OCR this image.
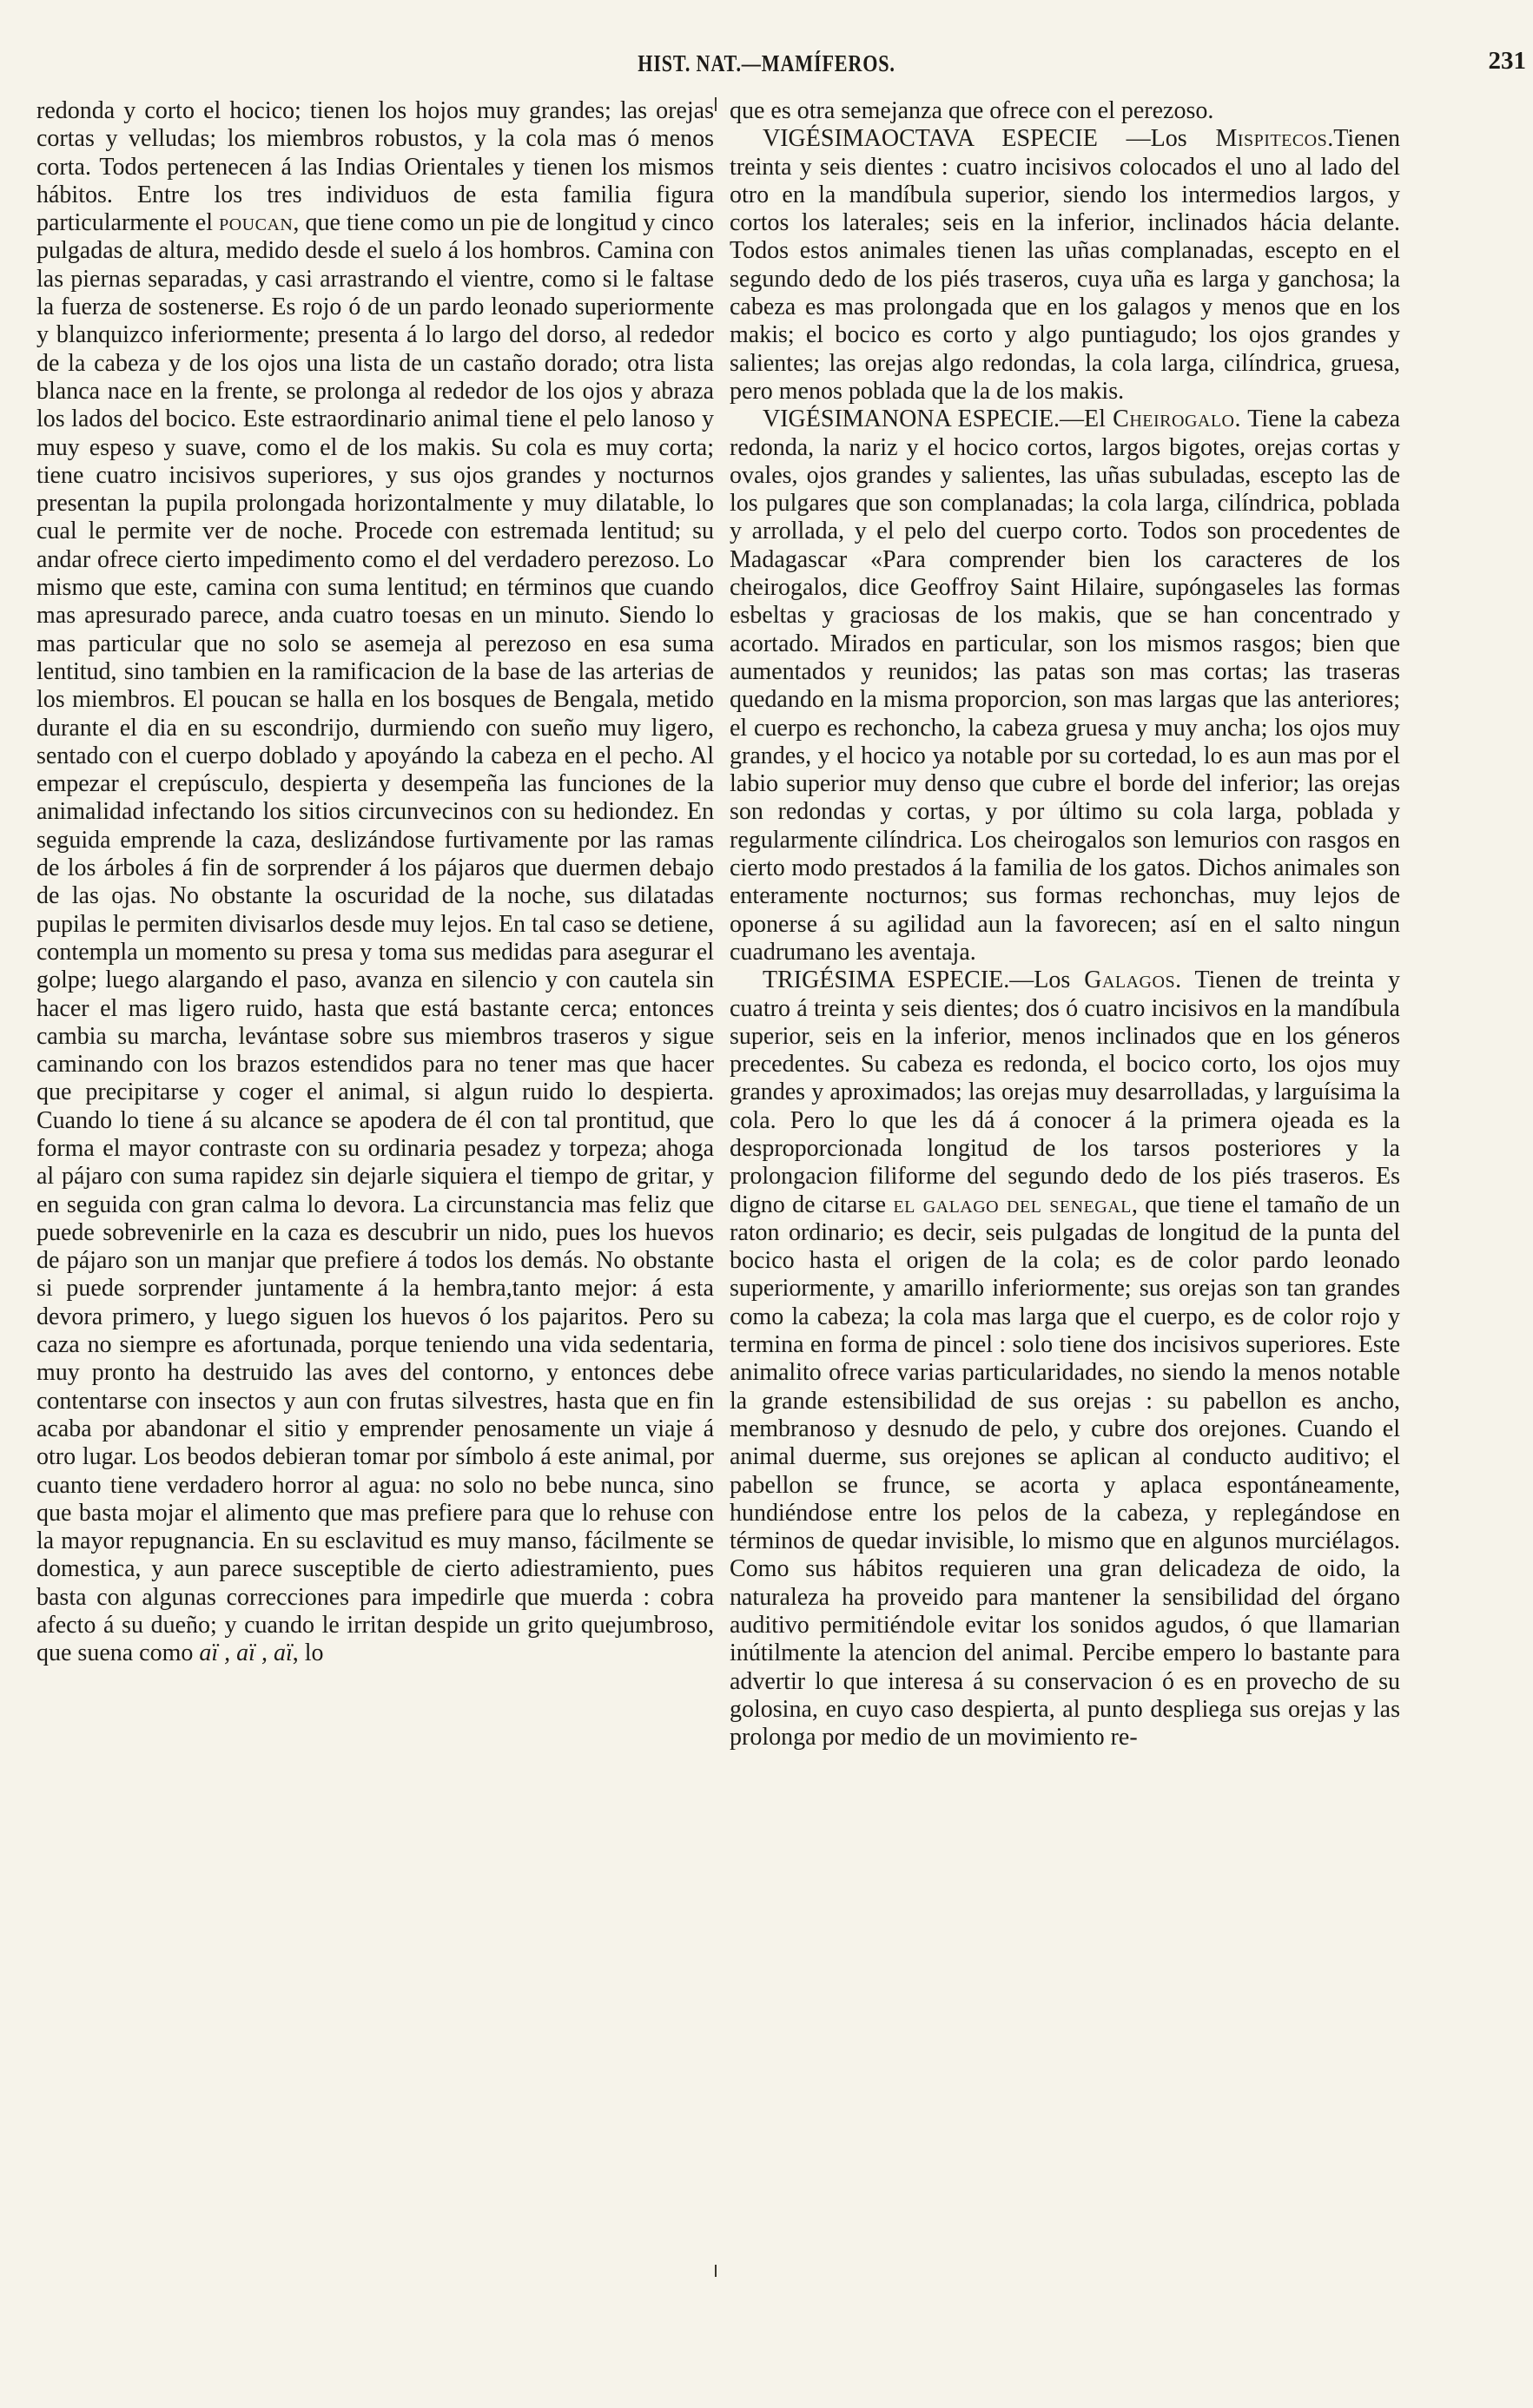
HIST. NAT.—MAMÍFEROS.	231

redonda y corto el hocico; tienen los hojos muy grandes; las orejas cortas y velludas; los miembros robustos, y la cola mas ó menos corta. Todos pertenecen á las Indias Orientales y tienen los mismos hábitos. Entre los tres individuos de esta familia figura particularmente el poucan, que tiene como un pie de longitud y cinco pulgadas de altura, medido desde el suelo á los hombros. Camina con las piernas separadas, y casi arrastrando el vientre, como si le faltase la fuerza de sostenerse. Es rojo ó de un pardo leonado superiormente y blanquizco inferiormente; presenta á lo largo del dorso, al rededor de la cabeza y de los ojos una lista de un castaño dorado; otra lista blanca nace en la frente, se prolonga al rededor de los ojos y abraza los lados del bocico. Este estraordinario animal tiene el pelo lanoso y muy espeso y suave, como el de los makis. Su cola es muy corta; tiene cuatro incisivos superiores, y sus ojos grandes y nocturnos presentan la pupila prolongada horizontalmente y muy dilatable, lo cual le permite ver de noche. Procede con estremada lentitud; su andar ofrece cierto impedimento como el del verdadero perezoso. Lo mismo que este, camina con suma lentitud; en términos que cuando mas apresurado parece, anda cuatro toesas en un minuto. Siendo lo mas particular que no solo se asemeja al perezoso en esa suma lentitud, sino tambien en la ramificacion de la base de las arterias de los miembros. El poucan se halla en los bosques de Bengala, metido durante el dia en su escondrijo, durmiendo con sueño muy ligero, sentado con el cuerpo doblado y apoyándo la cabeza en el pecho. Al empezar el crepúsculo, despierta y desempeña las funciones de la animalidad infectando los sitios circunvecinos con su hediondez. En seguida emprende la caza, deslizándose furtivamente por las ramas de los árboles á fin de sorprender á los pájaros que duermen debajo de las ojas. No obstante la oscuridad de la noche, sus dilatadas pupilas le permiten divisarlos desde muy lejos. En tal caso se detiene, contempla un momento su presa y toma sus medidas para asegurar el golpe; luego alargando el paso, avanza en silencio y con cautela sin hacer el mas ligero ruido, hasta que está bastante cerca; entonces cambia su marcha, levántase sobre sus miembros traseros y sigue caminando con los brazos estendidos para no tener mas que hacer que precipitarse y coger el animal, si algun ruido lo despierta. Cuando lo tiene á su alcance se apodera de él con tal prontitud, que forma el mayor contraste con su ordinaria pesadez y torpeza; ahoga al pájaro con suma rapidez sin dejarle siquiera el tiempo de gritar, y en seguida con gran calma lo devora. La circunstancia mas feliz que puede sobrevenirle en la caza es descubrir un nido, pues los huevos de pájaro son un manjar que prefiere á todos los demás. No obstante si puede sorprender juntamente á la hembra,tanto mejor: á esta devora primero, y luego siguen los huevos ó los pajaritos. Pero su caza no siempre es afortunada, porque teniendo una vida sedentaria, muy pronto ha destruido las aves del contorno, y entonces debe contentarse con insectos y aun con frutas silvestres, hasta que en fin acaba por abandonar el sitio y emprender penosamente un viaje á otro lugar. Los beodos debieran tomar por símbolo á este animal, por cuanto tiene verdadero horror al agua: no solo no bebe nunca, sino que basta mojar el alimento que mas prefiere para que lo rehuse con la mayor repugnancia. En su esclavitud es muy manso, fácilmente se domestica, y aun parece susceptible de cierto adiestramiento, pues basta con algunas correcciones para impedirle que muerda : cobra afecto á su dueño; y cuando le irritan despide un grito quejumbroso, que suena como aï , aï , aï, lo

que es otra semejanza que ofrece con el perezoso.

VIGÉSIMAOCTAVA ESPECIE —Los Mispitecos.Tienen treinta y seis dientes : cuatro incisivos colocados el uno al lado del otro en la mandíbula superior, siendo los intermedios largos, y cortos los laterales; seis en la inferior, inclinados hácia delante. Todos estos animales tienen las uñas complanadas, escepto en el segundo dedo de los piés traseros, cuya uña es larga y ganchosa; la cabeza es mas prolongada que en los galagos y menos que en los makis; el bocico es corto y algo puntiagudo; los ojos grandes y salientes; las orejas algo redondas, la cola larga, cilíndrica, gruesa, pero menos poblada que la de los makis.

VIGÉSIMANONA ESPECIE.—El Cheirogalo. Tiene la cabeza redonda, la nariz y el hocico cortos, largos bigotes, orejas cortas y ovales, ojos grandes y salientes, las uñas subuladas, escepto las de los pulgares que son complanadas; la cola larga, cilíndrica, poblada y arrollada, y el pelo del cuerpo corto. Todos son procedentes de Madagascar «Para comprender bien los caracteres de los cheirogalos, dice Geoffroy Saint Hilaire, supóngaseles las formas esbeltas y graciosas de los makis, que se han concentrado y acortado. Mirados en particular, son los mismos rasgos; bien que aumentados y reunidos; las patas son mas cortas; las traseras quedando en la misma proporcion, son mas largas que las anteriores; el cuerpo es rechoncho, la cabeza gruesa y muy ancha; los ojos muy grandes, y el hocico ya notable por su cortedad, lo es aun mas por el labio superior muy denso que cubre el borde del inferior; las orejas son redondas y cortas, y por último su cola larga, poblada y regularmente cilíndrica. Los cheirogalos son lemurios con rasgos en cierto modo prestados á la familia de los gatos. Dichos animales son enteramente nocturnos; sus formas rechonchas, muy lejos de oponerse á su agilidad aun la favorecen; así en el salto ningun cuadrumano les aventaja.

TRIGÉSIMA ESPECIE.—Los Galagos. Tienen de treinta y cuatro á treinta y seis dientes; dos ó cuatro incisivos en la mandíbula superior, seis en la inferior, menos inclinados que en los géneros precedentes. Su cabeza es redonda, el bocico corto, los ojos muy grandes y aproximados; las orejas muy desarrolladas, y larguísima la cola. Pero lo que les dá á conocer á la primera ojeada es la desproporcionada longitud de los tarsos posteriores y la prolongacion filiforme del segundo dedo de los piés traseros. Es digno de citarse el galago del senegal, que tiene el tamaño de un raton ordinario; es decir, seis pulgadas de longitud de la punta del bocico hasta el origen de la cola; es de color pardo leonado superiormente, y amarillo inferiormente; sus orejas son tan grandes como la cabeza; la cola mas larga que el cuerpo, es de color rojo y termina en forma de pincel : solo tiene dos incisivos superiores. Este animalito ofrece varias particularidades, no siendo la menos notable la grande estensibilidad de sus orejas : su pabellon es ancho, membranoso y desnudo de pelo, y cubre dos orejones. Cuando el animal duerme, sus orejones se aplican al conducto auditivo; el pabellon se frunce, se acorta y aplaca espontáneamente, hundiéndose entre los pelos de la cabeza, y replegándose en términos de quedar invisible, lo mismo que en algunos murciélagos. Como sus hábitos requieren una gran delicadeza de oido, la naturaleza ha proveido para mantener la sensibilidad del órgano auditivo permitiéndole evitar los sonidos agudos, ó que llamarian inútilmente la atencion del animal. Percibe empero lo bastante para advertir lo que interesa á su conservacion ó es en provecho de su golosina, en cuyo caso despierta, al punto despliega sus orejas y las prolonga por medio de un movimiento re-
